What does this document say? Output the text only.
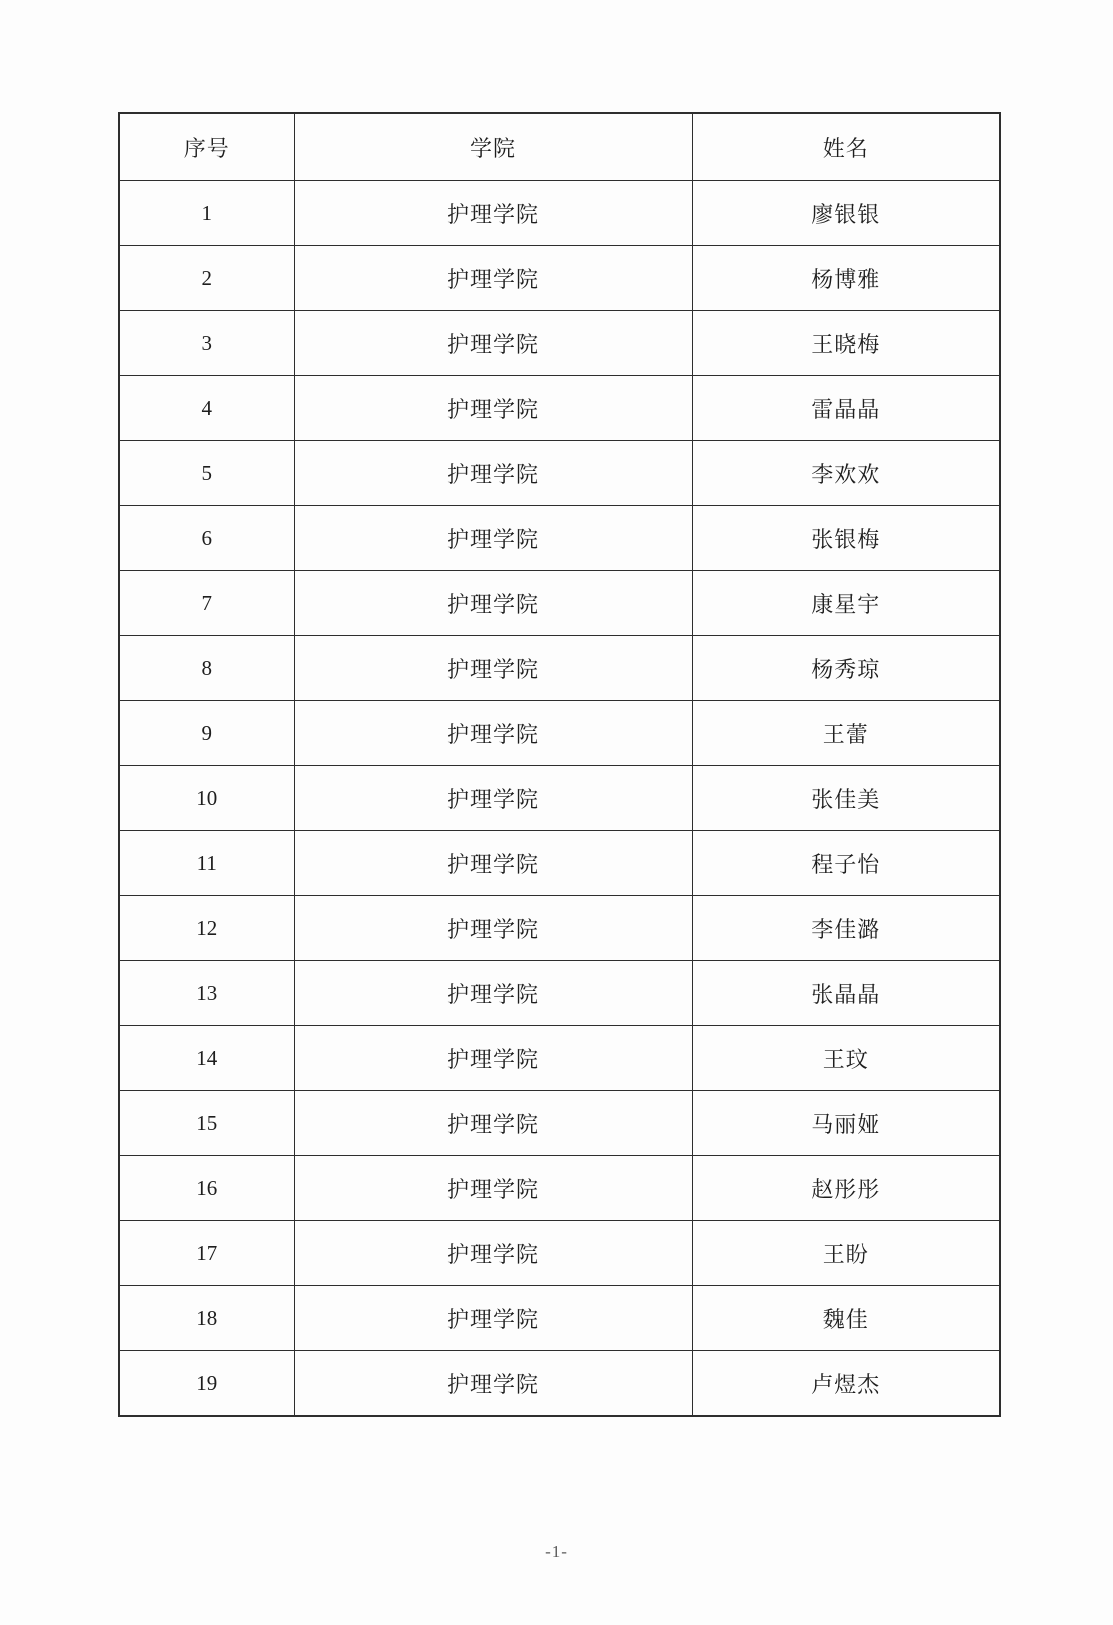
序号	学院	姓名
1	护理学院	廖银银
2	护理学院	杨博雅
3	护理学院	王晓梅
4	护理学院	雷晶晶
5	护理学院	李欢欢
6	护理学院	张银梅
7	护理学院	康星宇
8	护理学院	杨秀琼
9	护理学院	王蕾
10	护理学院	张佳美
11	护理学院	程子怡
12	护理学院	李佳潞
13	护理学院	张晶晶
14	护理学院	王玟
15	护理学院	马丽娅
16	护理学院	赵彤彤
17	护理学院	王盼
18	护理学院	魏佳
19	护理学院	卢煜杰
-1-
